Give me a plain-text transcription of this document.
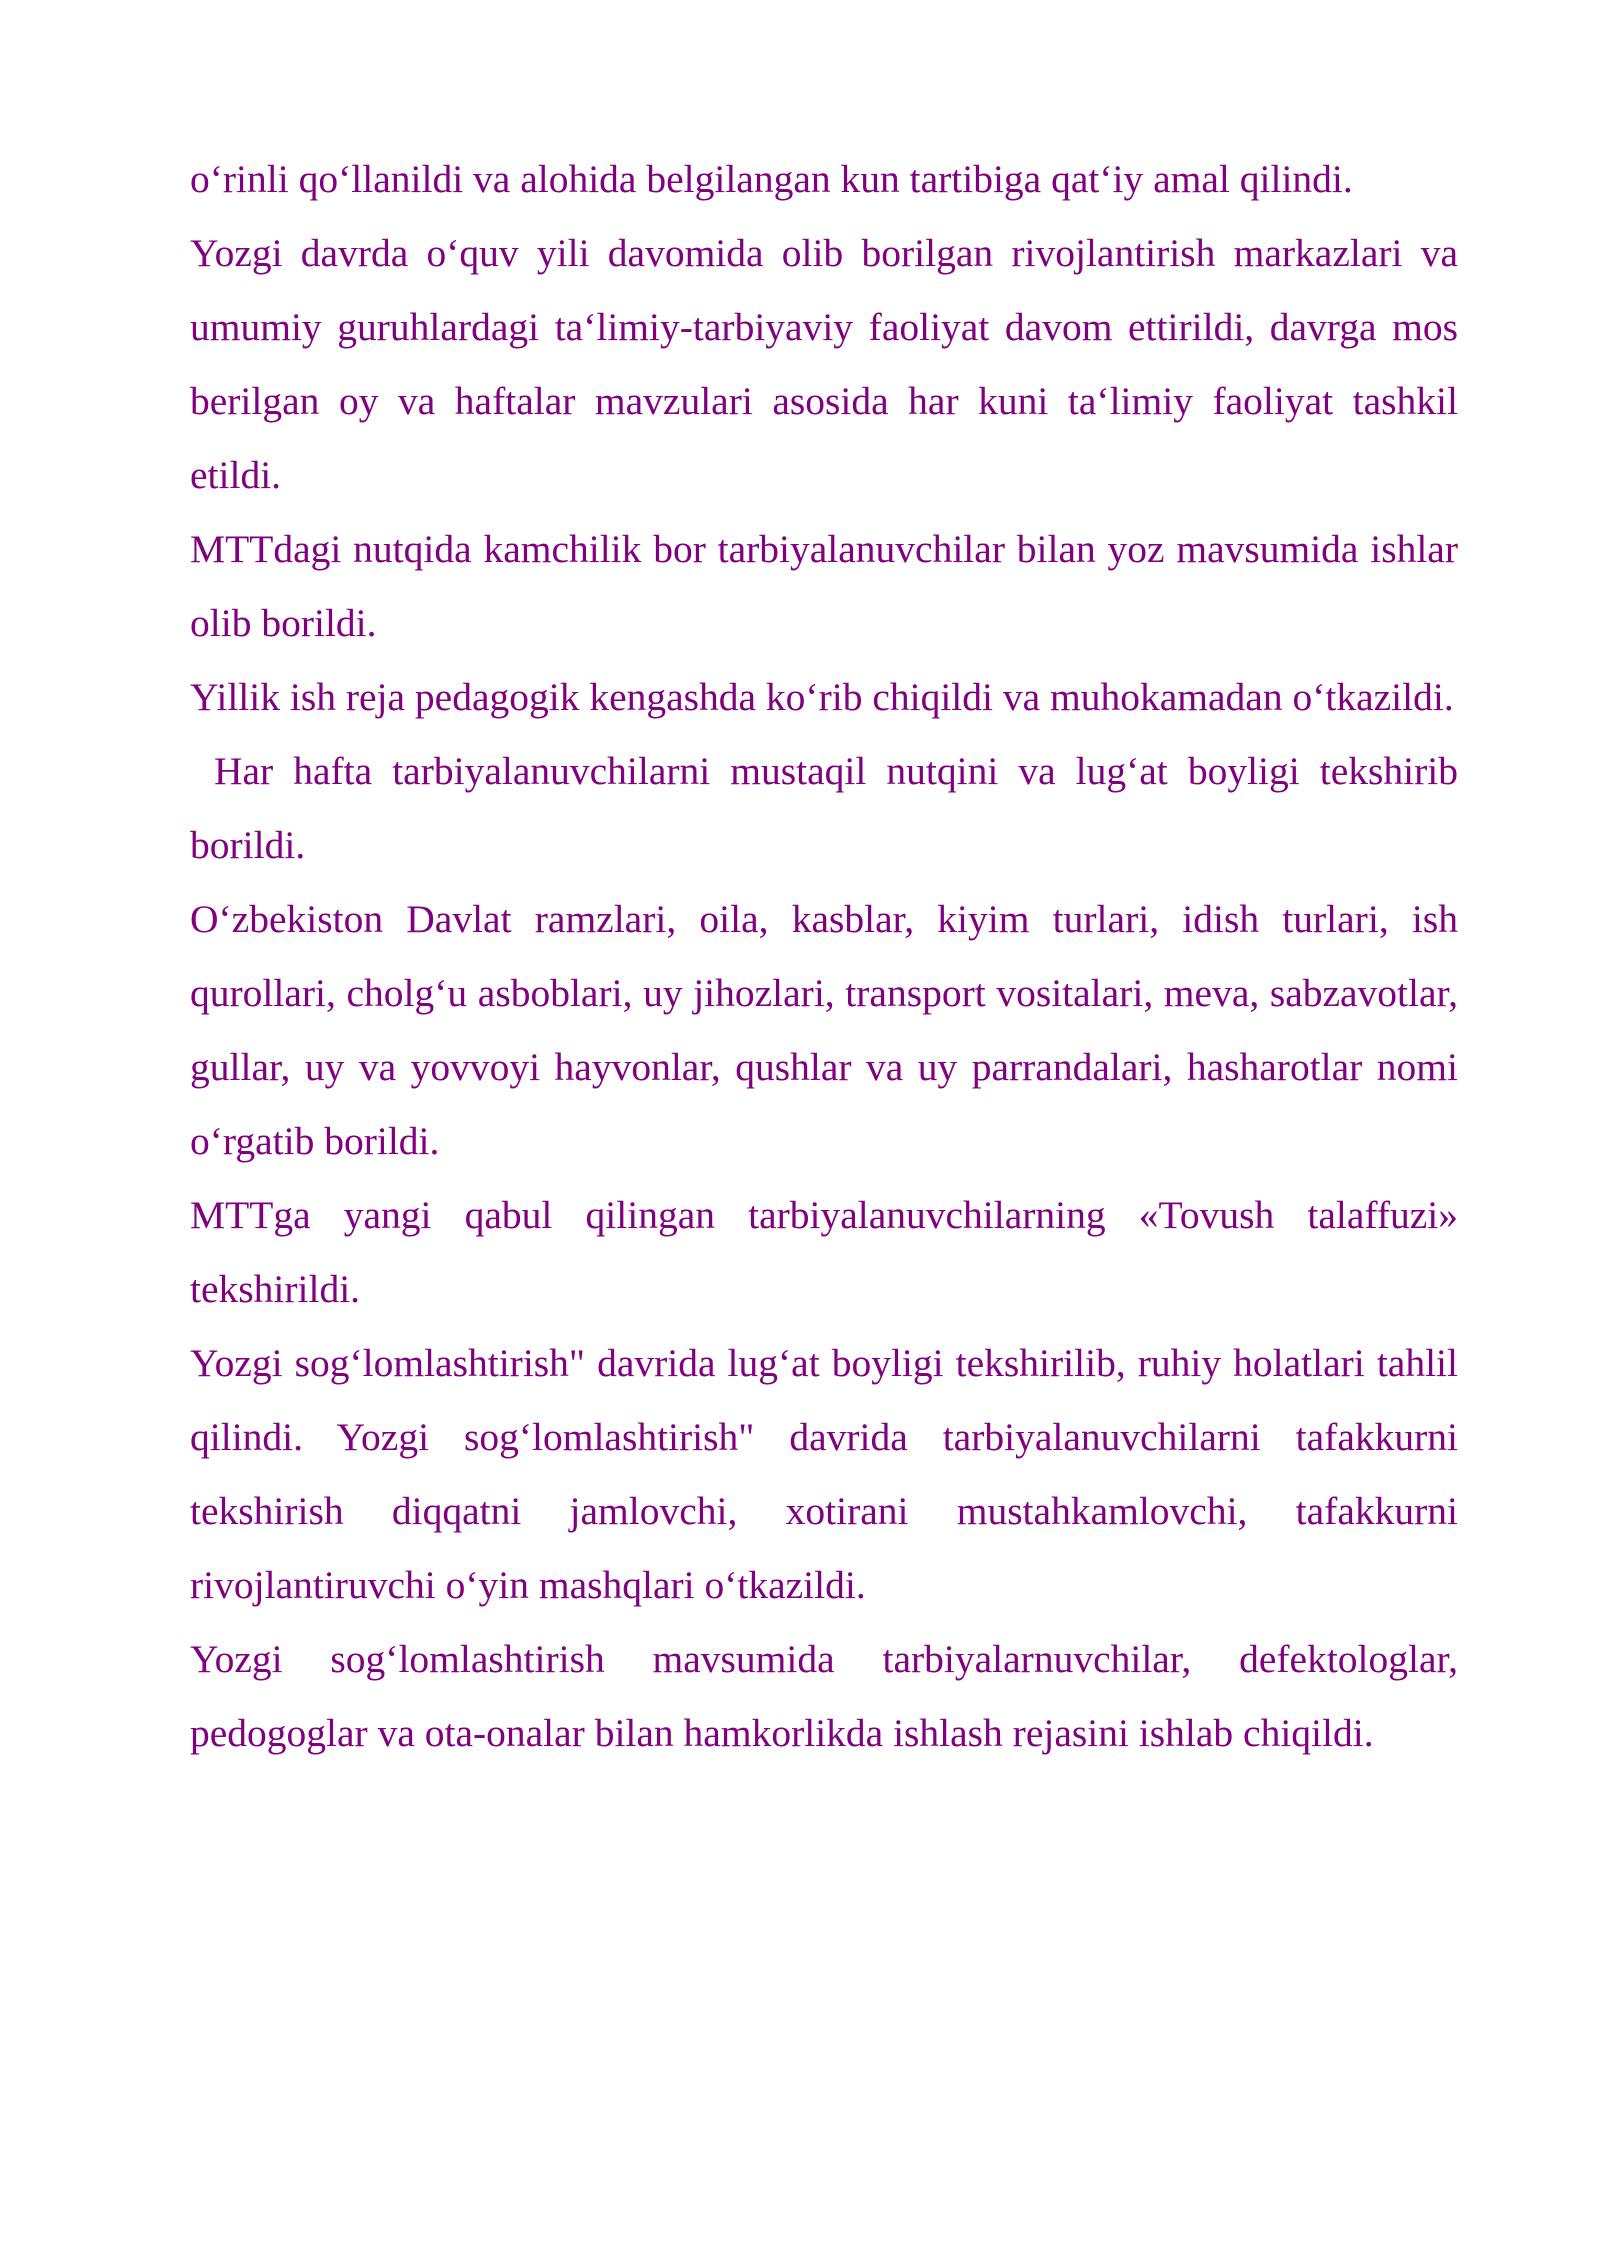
o‘rinli qo‘llanildi va alohida belgilangan kun tartibiga qat‘iy amal qilindi.

Yozgi davrda o‘quv yili davomida olib borilgan rivojlantirish markazlari va umumiy guruhlardagi ta‘limiy-tarbiyaviy faoliyat davom ettirildi, davrga mos berilgan oy va haftalar mavzulari asosida har kuni ta‘limiy faoliyat tashkil etildi.

MTTdagi nutqida kamchilik bor tarbiyalanuvchilar bilan yoz mavsumida ishlar olib borildi.

Yillik ish reja pedagogik kengashda ko‘rib chiqildi va muhokamadan o‘tkazildi.

Har hafta tarbiyalanuvchilarni mustaqil nutqini va lug‘at boyligi tekshirib borildi.

O‘zbekiston Davlat ramzlari, oila, kasblar, kiyim turlari, idish turlari, ish qurollari, cholg‘u asboblari, uy jihozlari, transport vositalari, meva, sabzavotlar, gullar, uy va yovvoyi hayvonlar, qushlar va uy parrandalari, hasharotlar nomi o‘rgatib borildi.

MTTga yangi qabul qilingan tarbiyalanuvchilarning «Tovush talaffuzi» tekshirildi.

Yozgi sog‘lomlashtirish" davrida lug‘at boyligi tekshirilib, ruhiy holatlari tahlil qilindi. Yozgi sog‘lomlashtirish" davrida tarbiyalanuvchilarni tafakkurni tekshirish diqqatni jamlovchi, xotirani mustahkamlovchi, tafakkurni rivojlantiruvchi o‘yin mashqlari o‘tkazildi.

Yozgi sog‘lomlashtirish mavsumida tarbiyalarnuvchilar, defektologlar, pedogoglar va ota-onalar bilan hamkorlikda ishlash rejasini ishlab chiqildi.
